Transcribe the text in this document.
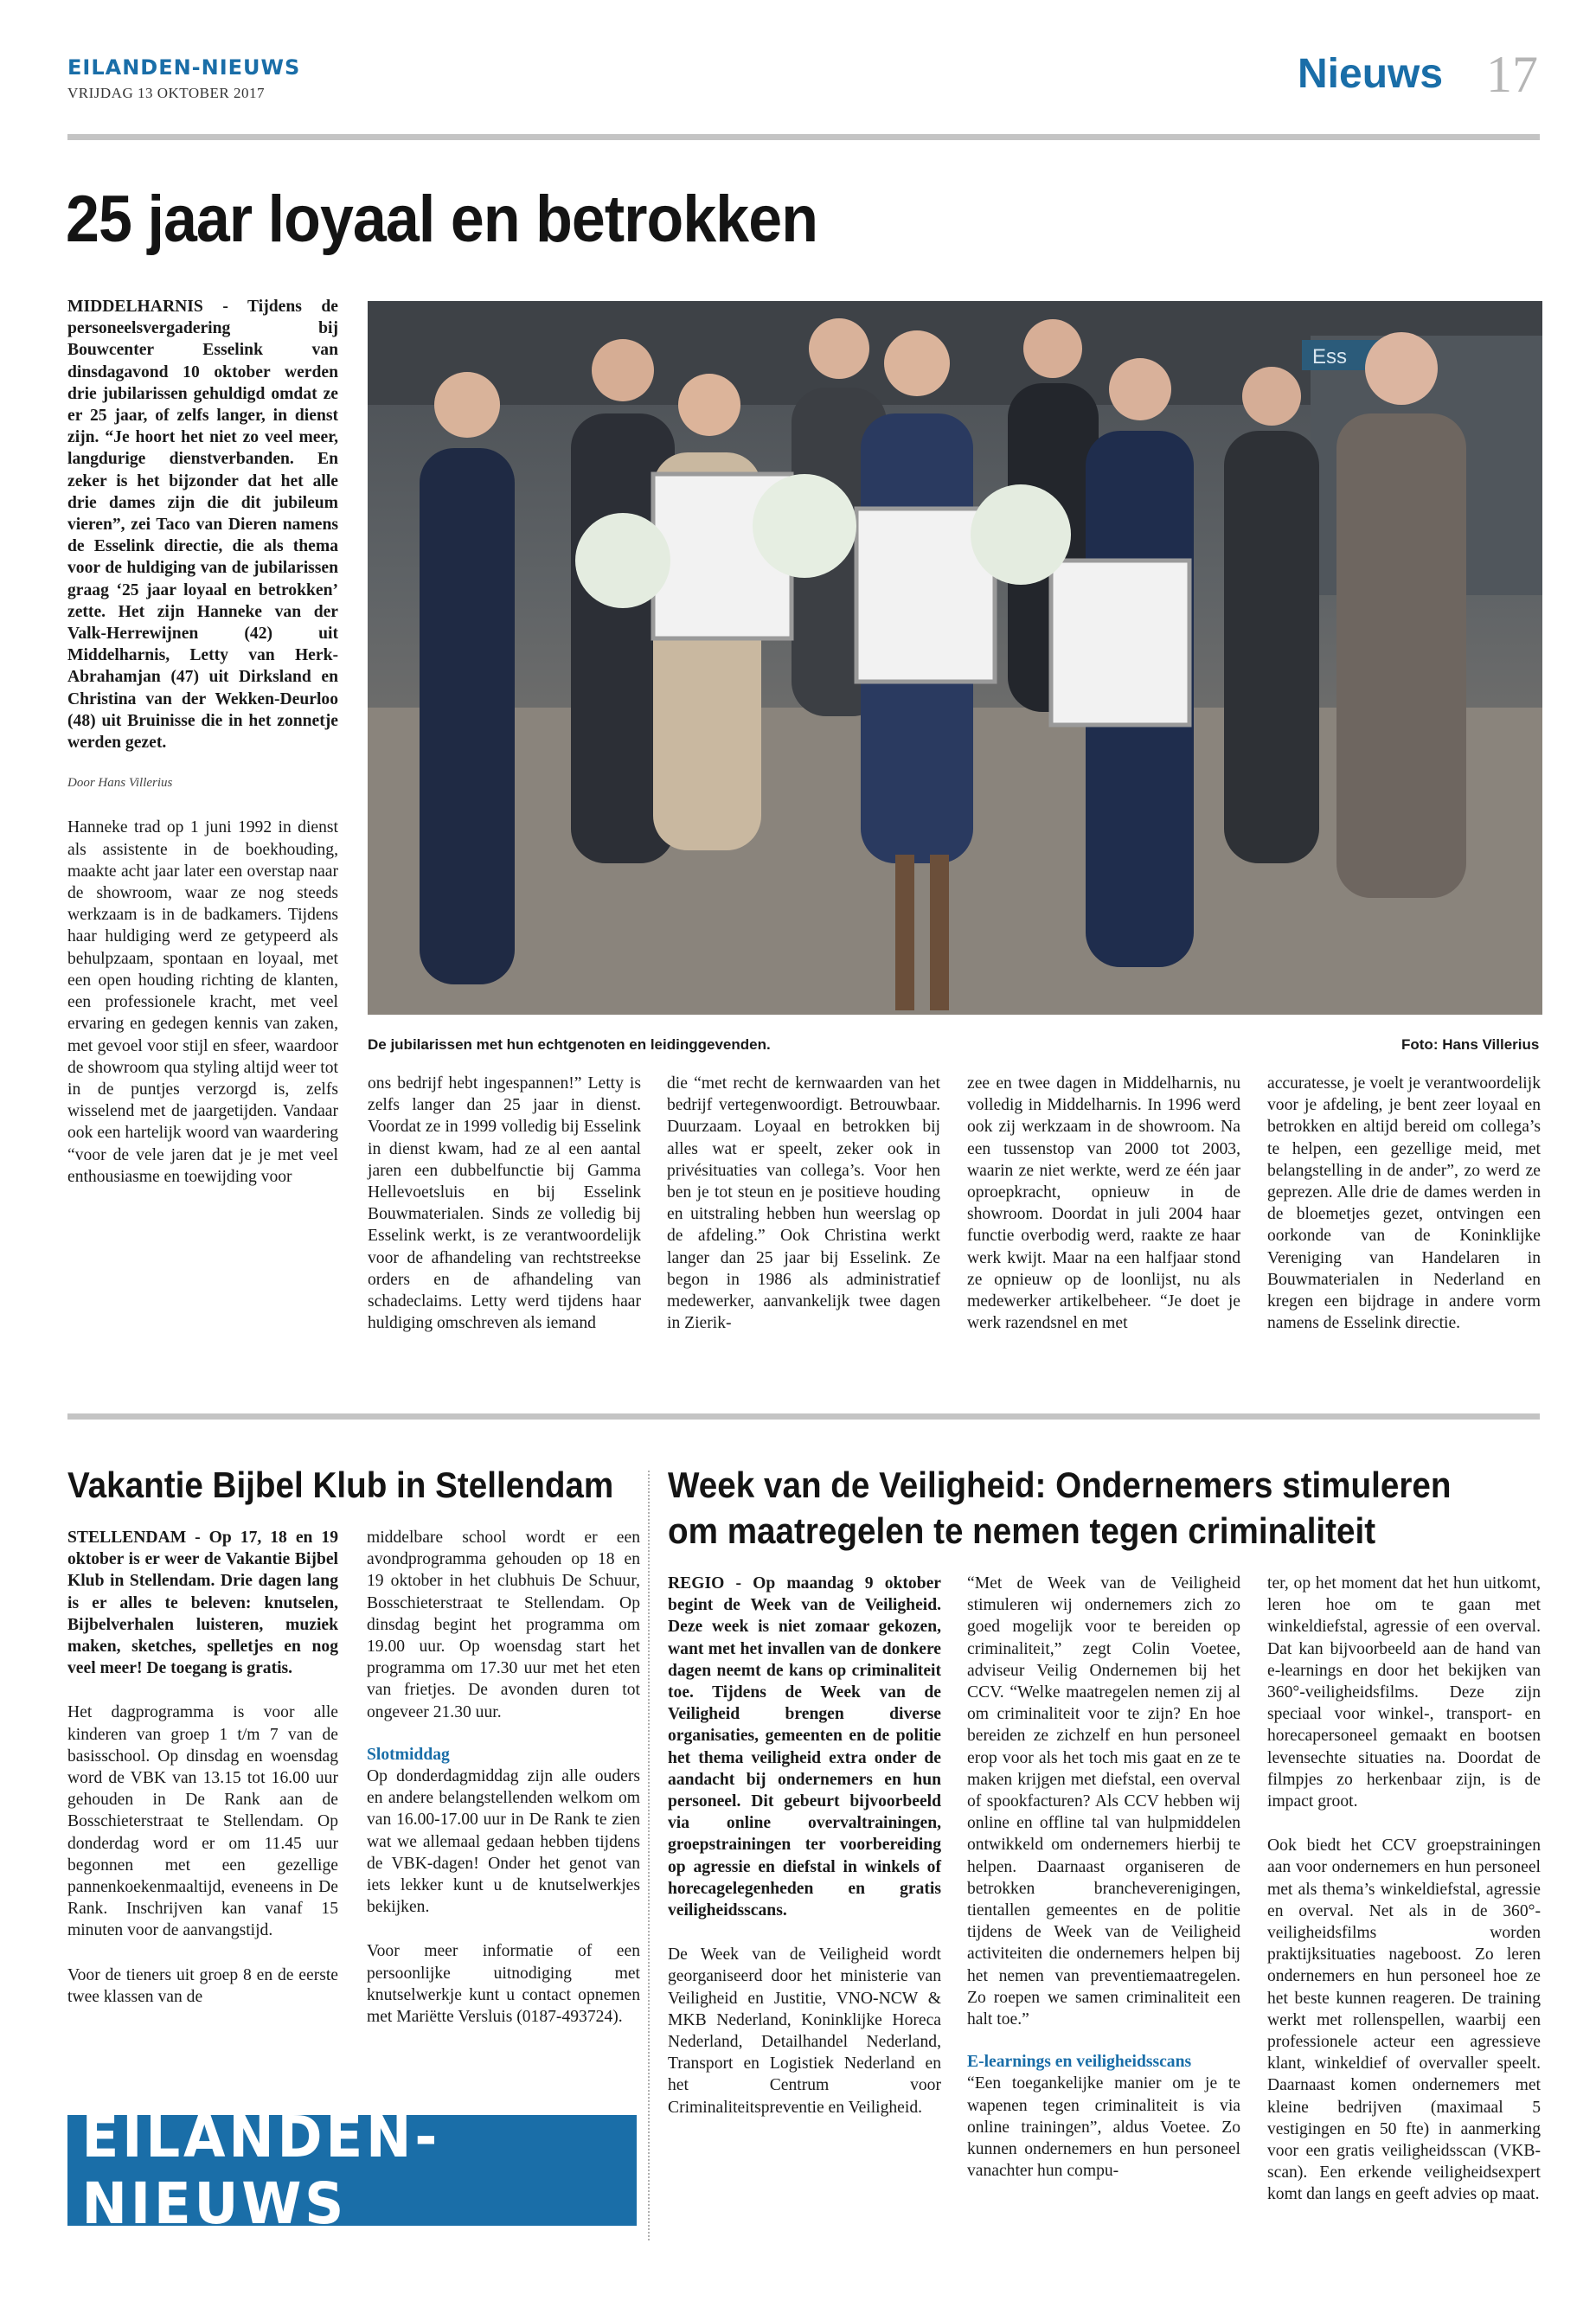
EILANDEN-NIEUWS
VRIJDAG 13 OKTOBER 2017	Nieuws 17
25 jaar loyaal en betrokken

MIDDELHARNIS - Tijdens de personeelsvergadering bij Bouwcenter Esselink van dinsdagavond 10 oktober werden drie jubilarissen gehuldigd omdat ze er 25 jaar, of zelfs langer, in dienst zijn. “Je hoort het niet zo veel meer, langdurige dienstverbanden. En zeker is het bijzonder dat het alle drie dames zijn die dit jubileum vieren”, zei Taco van Dieren namens de Esselink directie, die als thema voor de huldiging van de jubilarissen graag ‘25 jaar loyaal en betrokken’ zette. Het zijn Hanneke van der Valk-Herrewijnen (42) uit Middelharnis, Letty van Herk-Abrahamjan (47) uit Dirksland en Christina van der Wekken-Deurloo (48) uit Bruinisse die in het zonnetje werden gezet.

Door Hans Villerius

Hanneke trad op 1 juni 1992 in dienst als assistente in de boekhouding, maakte acht jaar later een overstap naar de showroom, waar ze nog steeds werkzaam is in de badkamers. Tijdens haar huldiging werd ze getypeerd als behulpzaam, spontaan en loyaal, met een open houding richting de klanten, een professionele kracht, met veel ervaring en gedegen kennis van zaken, met gevoel voor stijl en sfeer, waardoor de showroom qua styling altijd weer tot in de puntjes verzorgd is, zelfs wisselend met de jaargetijden. Vandaar ook een hartelijk woord van waardering “voor de vele jaren dat je je met veel enthousiasme en toewijding voor

Ess
De jubilarissen met hun echtgenoten en leidinggevenden.	Foto: Hans Villerius
ons bedrijf hebt ingespannen!” Letty is zelfs langer dan 25 jaar in dienst. Voordat ze in 1999 volledig bij Esselink in dienst kwam, had ze al een aantal jaren een dubbelfunctie bij Gamma Hellevoetsluis en bij Esselink Bouwmaterialen. Sinds ze volledig bij Esselink werkt, is ze verantwoordelijk voor de afhandeling van rechtstreekse orders en de afhandeling van schadeclaims. Letty werd tijdens haar huldiging omschreven als iemand
die “met recht de kernwaarden van het bedrijf vertegenwoordigt. Betrouwbaar. Duurzaam. Loyaal en betrokken bij alles wat er speelt, zeker ook in privésituaties van collega’s. Voor hen ben je tot steun en je positieve houding en uitstraling hebben hun weerslag op de afdeling.” Ook Christina werkt langer dan 25 jaar bij Esselink. Ze begon in 1986 als administratief medewerker, aanvankelijk twee dagen in Zierik-
zee en twee dagen in Middelharnis, nu volledig in Middelharnis. In 1996 werd ook zij werkzaam in de showroom. Na een tussenstop van 2000 tot 2003, waarin ze niet werkte, werd ze één jaar oproepkracht, opnieuw in de showroom. Doordat in juli 2004 haar functie overbodig werd, raakte ze haar werk kwijt. Maar na een halfjaar stond ze opnieuw op de loonlijst, nu als medewerker artikelbeheer. “Je doet je werk razendsnel en met
accuratesse, je voelt je verantwoordelijk voor je afdeling, je bent zeer loyaal en betrokken en altijd bereid om collega’s te helpen, een gezellige meid, met belangstelling in de ander”, zo werd ze geprezen. Alle drie de dames werden in de bloemetjes gezet, ontvingen een oorkonde van de Koninklijke Vereniging van Handelaren in Bouwmaterialen in Nederland en kregen een bijdrage in andere vorm namens de Esselink directie.
Vakantie Bijbel Klub in Stellendam

STELLENDAM - Op 17, 18 en 19 oktober is er weer de Vakantie Bijbel Klub in Stellendam. Drie dagen lang is er alles te beleven: knutselen, Bijbelverhalen luisteren, muziek maken, sketches, spelletjes en nog veel meer! De toegang is gratis.

Het dagprogramma is voor alle kinderen van groep 1 t/m 7 van de basisschool. Op dinsdag en woensdag word de VBK van 13.15 tot 16.00 uur gehouden in De Rank aan de Bosschieterstraat te Stellendam. Op donderdag word er om 11.45 uur begonnen met een gezellige pannenkoekenmaaltijd, eveneens in De Rank. Inschrijven kan vanaf 15 minuten voor de aanvangstijd.

Voor de tieners uit groep 8 en de eerste twee klassen van de

middelbare school wordt er een avondprogramma gehouden op 18 en 19 oktober in het clubhuis De Schuur, Bosschieterstraat te Stellendam. Op dinsdag begint het programma om 19.00 uur. Op woensdag start het programma om 17.30 uur met het eten van frietjes. De avonden duren tot ongeveer 21.30 uur.

Slotmiddag

Op donderdagmiddag zijn alle ouders en andere belangstellenden welkom om van 16.00-17.00 uur in De Rank te zien wat we allemaal gedaan hebben tijdens de VBK-dagen! Onder het genot van iets lekker kunt u de knutselwerkjes bekijken.

Voor meer informatie of een persoonlijke uitnodiging met knutselwerkje kunt u contact opnemen met Mariëtte Versluis (0187-493724).

EILANDEN-NIEUWS
Week van de Veiligheid: Ondernemers stimuleren
om maatregelen te nemen tegen criminaliteit

REGIO - Op maandag 9 oktober begint de Week van de Veiligheid. Deze week is niet zomaar gekozen, want met het invallen van de donkere dagen neemt de kans op criminaliteit toe. Tijdens de Week van de Veiligheid brengen diverse organisaties, gemeenten en de politie het thema veiligheid extra onder de aandacht bij ondernemers en hun personeel. Dit gebeurt bijvoorbeeld via online overvaltrainingen, groepstrainingen ter voorbereiding op agressie en diefstal in winkels of horecagelegenheden en gratis veiligheidsscans.

De Week van de Veiligheid wordt georganiseerd door het ministerie van Veiligheid en Justitie, VNO-NCW & MKB Nederland, Koninklijke Horeca Nederland, Detailhandel Nederland, Transport en Logistiek Nederland en het Centrum voor Criminaliteitspreventie en Veiligheid.

“Met de Week van de Veiligheid stimuleren wij ondernemers zich zo goed mogelijk voor te bereiden op criminaliteit,” zegt Colin Voetee, adviseur Veilig Ondernemen bij het CCV. “Welke maatregelen nemen zij al om criminaliteit voor te zijn? En hoe bereiden ze zichzelf en hun personeel erop voor als het toch mis gaat en ze te maken krijgen met diefstal, een overval of spookfacturen? Als CCV hebben wij online en offline tal van hulpmiddelen ontwikkeld om ondernemers hierbij te helpen. Daarnaast organiseren de betrokken brancheverenigingen, tientallen gemeentes en de politie tijdens de Week van de Veiligheid activiteiten die ondernemers helpen bij het nemen van preventiemaatregelen. Zo roepen we samen criminaliteit een halt toe.”

E-learnings en veiligheidsscans

“Een toegankelijke manier om je te wapenen tegen criminaliteit is via online trainingen”, aldus Voetee. Zo kunnen ondernemers en hun personeel vanachter hun compu-

ter, op het moment dat het hun uitkomt, leren hoe om te gaan met winkeldiefstal, agressie of een overval. Dat kan bijvoorbeeld aan de hand van e-learnings en door het bekijken van 360°-veiligheidsfilms. Deze zijn speciaal voor winkel-, transport- en horecapersoneel gemaakt en bootsen levensechte situaties na. Doordat de filmpjes zo herkenbaar zijn, is de impact groot.

Ook biedt het CCV groepstrainingen aan voor ondernemers en hun personeel met als thema’s winkeldiefstal, agressie en overval. Net als in de 360°-veiligheidsfilms worden praktijksituaties nageboost. Zo leren ondernemers en hun personeel hoe ze het beste kunnen reageren. De training werkt met rollenspellen, waarbij een professionele acteur een agressieve klant, winkeldief of overvaller speelt. Daarnaast komen ondernemers met kleine bedrijven (maximaal 5 vestigingen en 50 fte) in aanmerking voor een gratis veiligheidsscan (VKB-scan). Een erkende veiligheidsexpert komt dan langs en geeft advies op maat.
